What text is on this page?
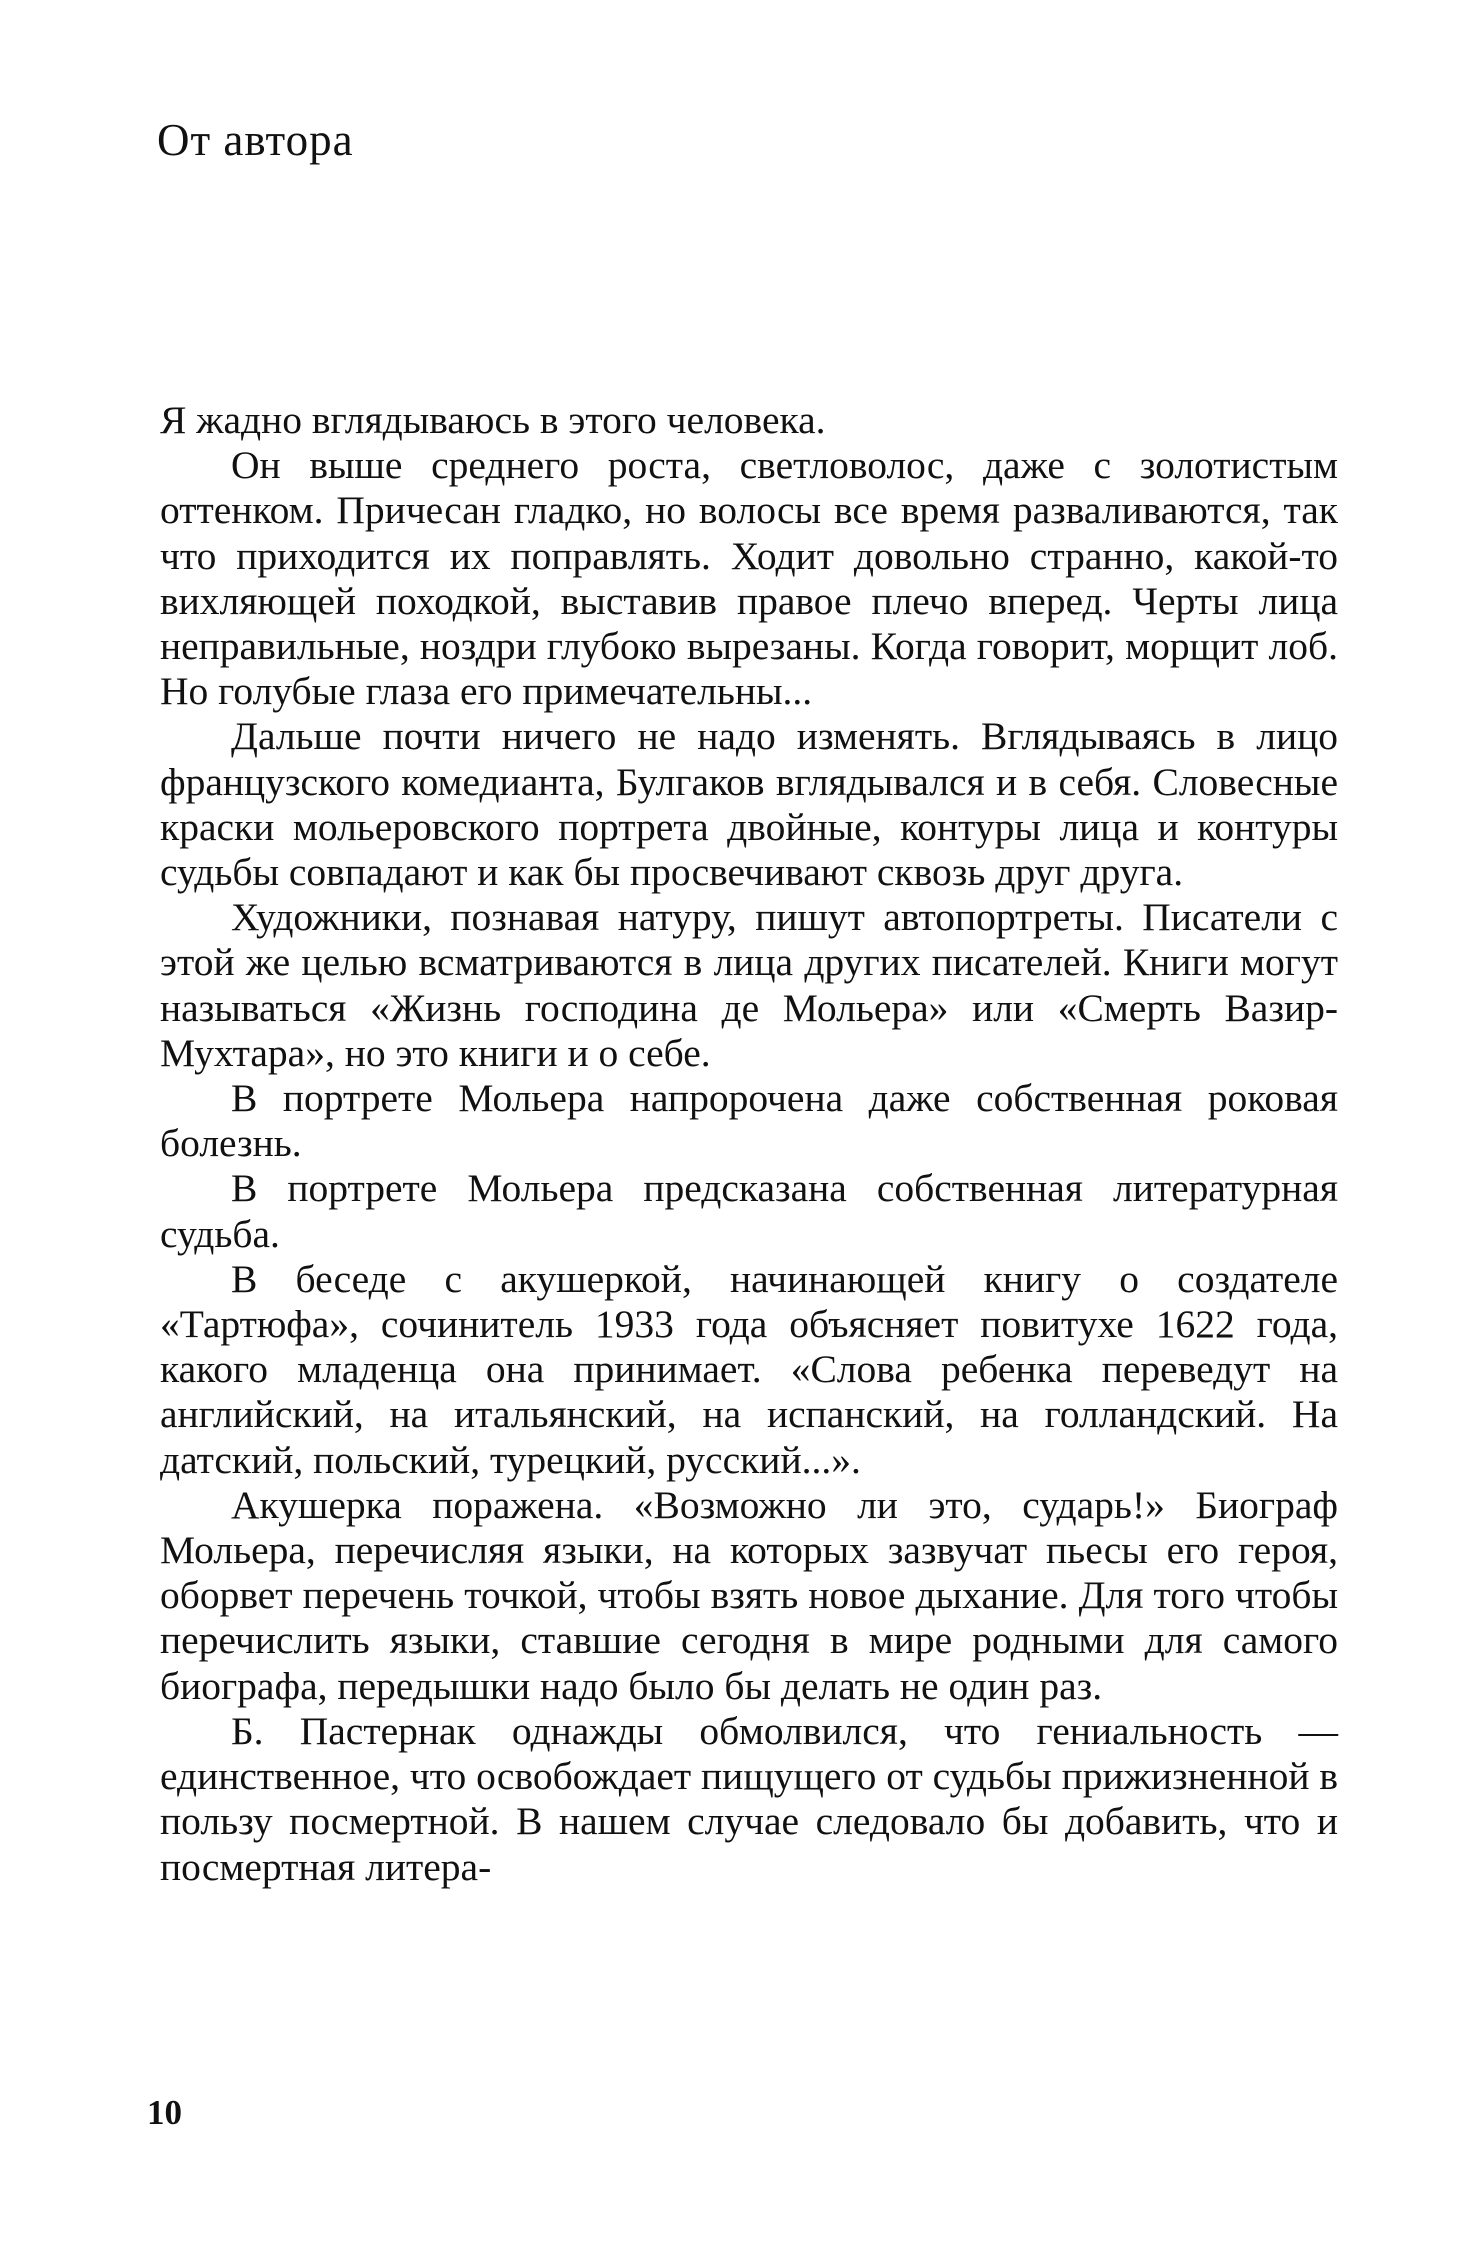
От автора

Я жадно вглядываюсь в этого человека.

Он выше среднего роста, светловолос, даже с золотистым оттенком. Причесан гладко, но волосы все время разваливаются, так что приходится их поправлять. Ходит довольно странно, какой-то вихляющей походкой, выставив правое плечо вперед. Черты лица неправильные, ноздри глубоко вырезаны. Когда говорит, морщит лоб. Но голубые глаза его примечательны...

Дальше почти ничего не надо изменять. Вглядываясь в лицо французского комедианта, Булгаков вглядывался и в себя. Словесные краски мольеровского портрета двойные, контуры лица и контуры судьбы совпадают и как бы просвечивают сквозь друг друга.

Художники, познавая натуру, пишут автопортреты. Писатели с этой же целью всматриваются в лица других писателей. Книги могут называться «Жизнь господина де Мольера» или «Смерть Вазир-Мухтара», но это книги и о себе.

В портрете Мольера напророчена даже собственная роковая болезнь.

В портрете Мольера предсказана собственная литературная судьба.

В беседе с акушеркой, начинающей книгу о создателе «Тартюфа», сочинитель 1933 года объясняет повитухе 1622 года, какого младенца она принимает. «Слова ребенка переведут на английский, на итальянский, на испанский, на голландский. На датский, польский, турецкий, русский...».

Акушерка поражена. «Возможно ли это, сударь!» Биограф Мольера, перечисляя языки, на которых зазвучат пьесы его героя, оборвет перечень точкой, чтобы взять новое дыхание. Для того чтобы перечислить языки, ставшие сегодня в мире родными для самого биографа, передышки надо было бы делать не один раз.

Б. Пастернак однажды обмолвился, что гениальность — единственное, что освобождает пищущего от судьбы прижизненной в пользу посмертной. В нашем случае следовало бы добавить, что и посмертная литера-

10
